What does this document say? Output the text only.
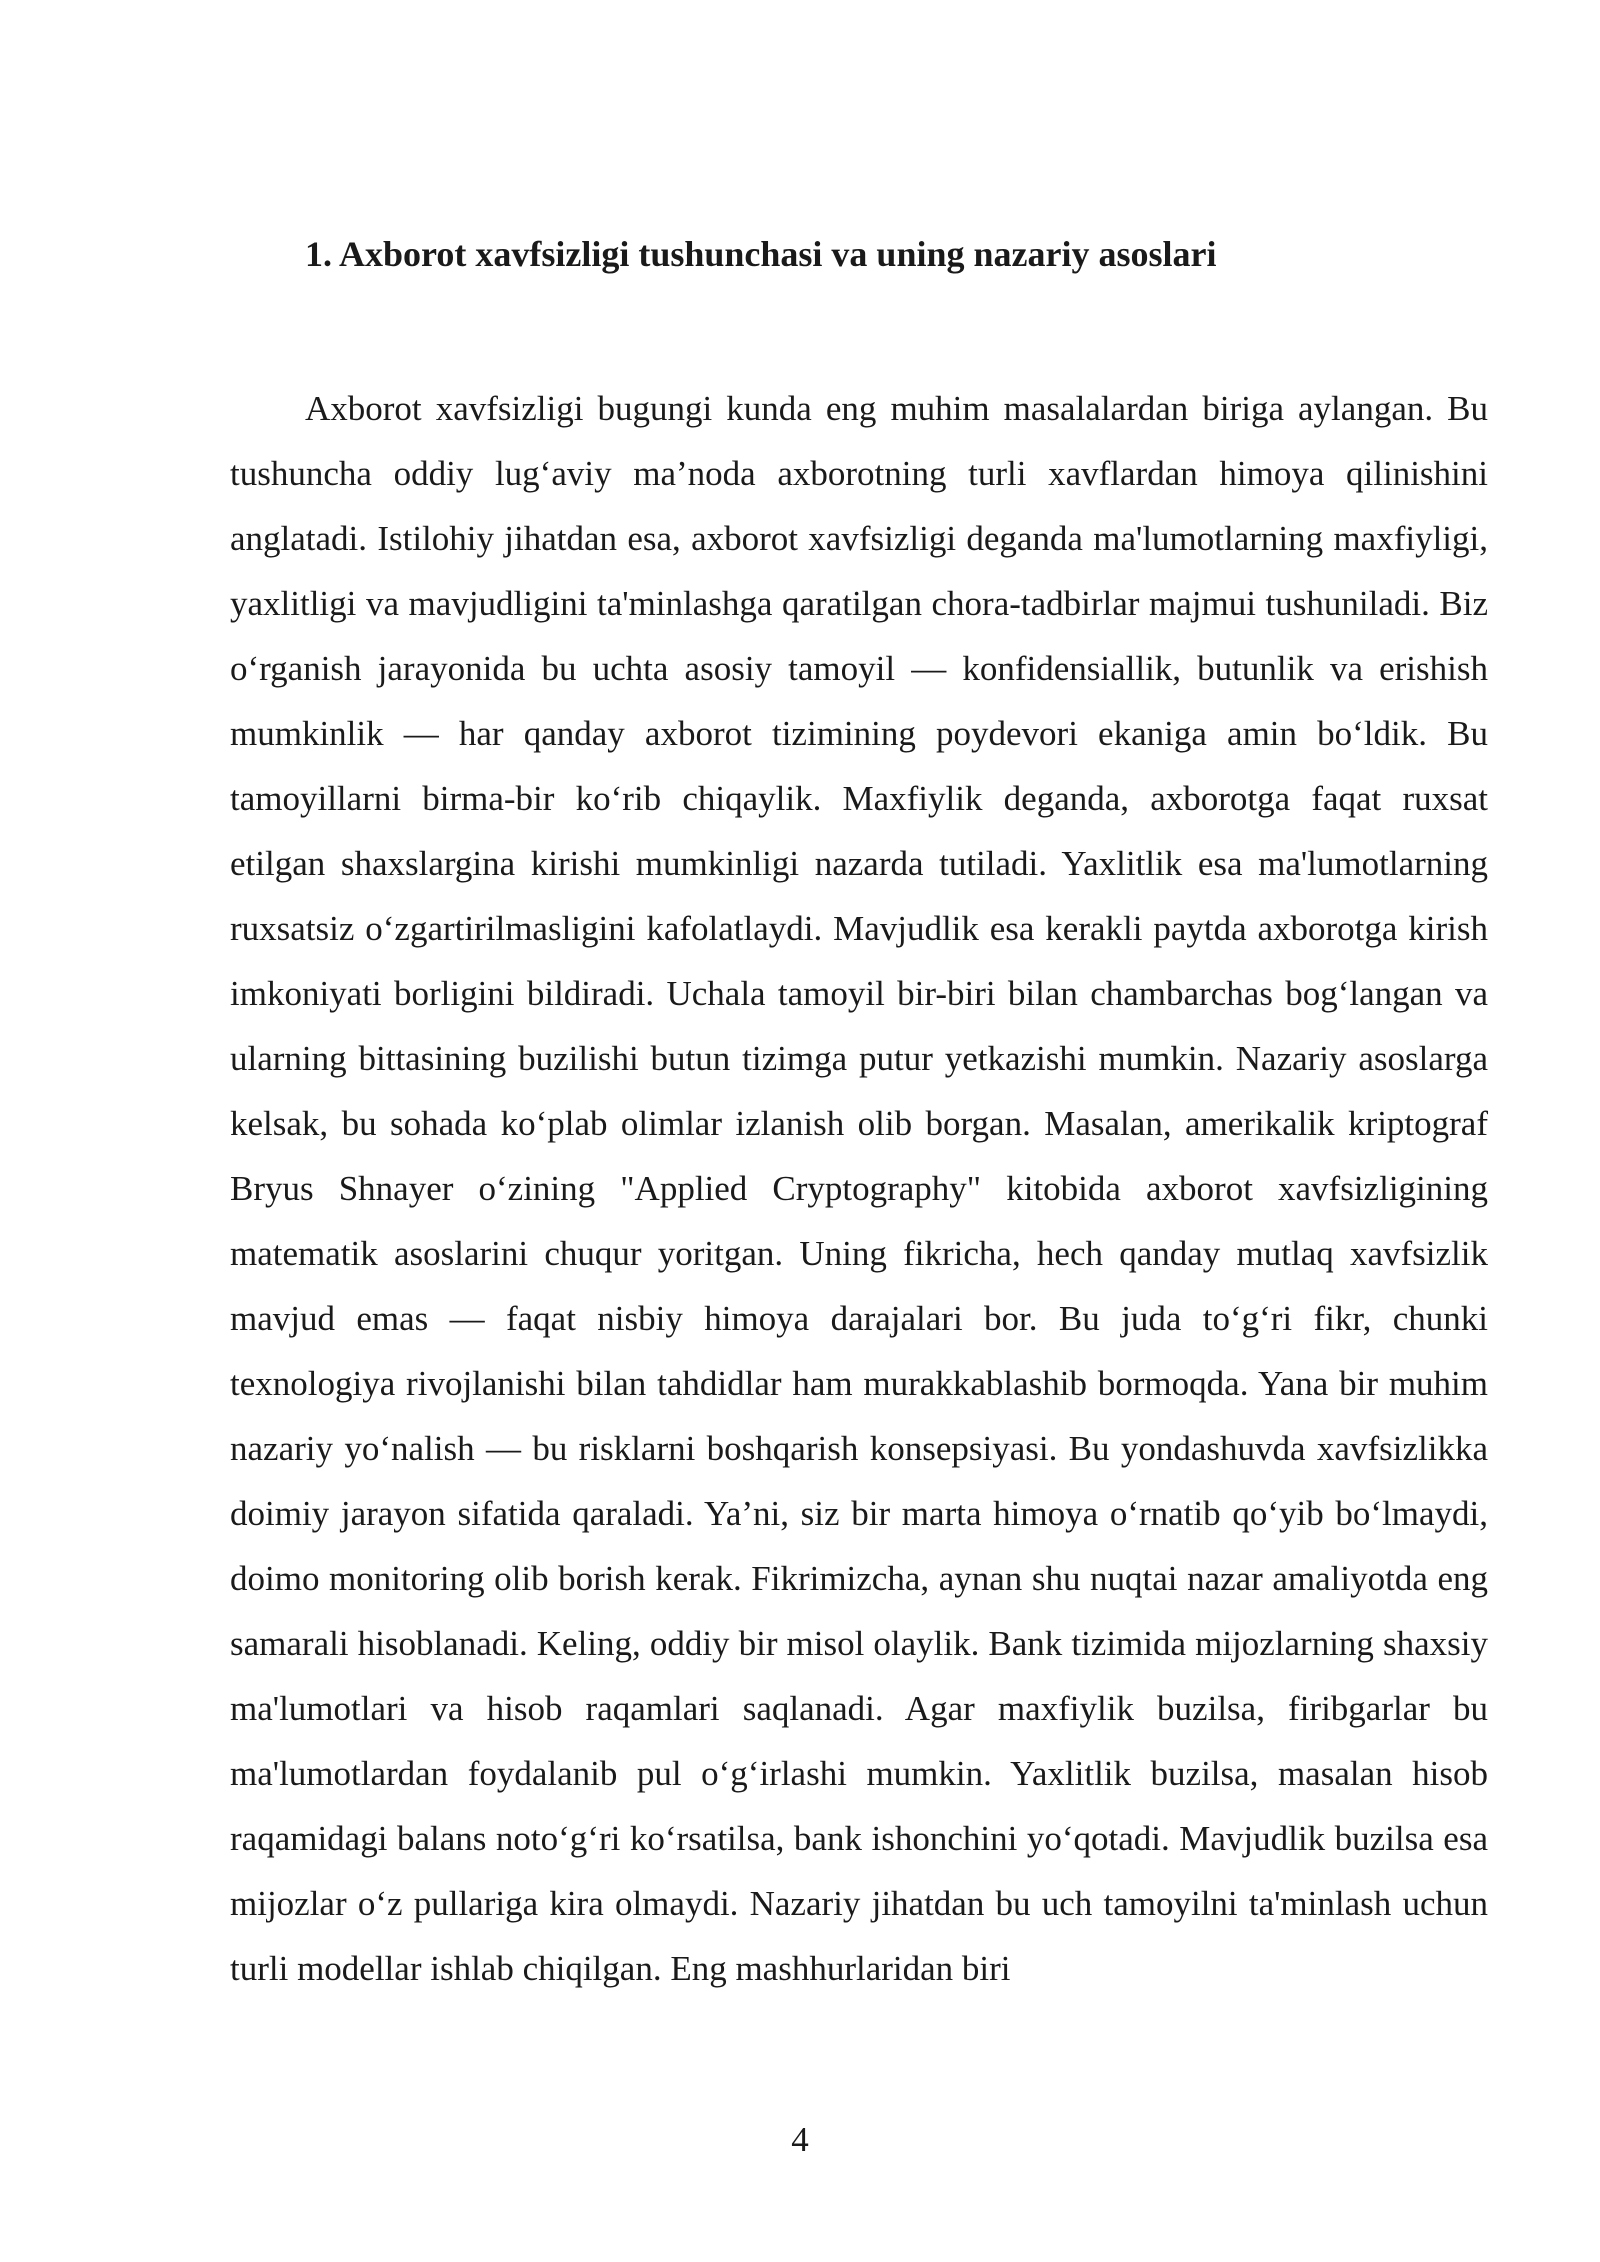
1. Axborot xavfsizligi tushunchasi va uning nazariy asoslari

Axborot xavfsizligi bugungi kunda eng muhim masalalardan biriga aylangan. Bu tushuncha oddiy lug‘aviy ma’noda axborotning turli xavflardan himoya qilinishini anglatadi. Istilohiy jihatdan esa, axborot xavfsizligi deganda ma'lumotlarning maxfiyligi, yaxlitligi va mavjudligini ta'minlashga qaratilgan chora-tadbirlar majmui tushuniladi. Biz o‘rganish jarayonida bu uchta asosiy tamoyil — konfidensiallik, butunlik va erishish mumkinlik — har qanday axborot tizimining poydevori ekaniga amin bo‘ldik. Bu tamoyillarni birma-bir ko‘rib chiqaylik. Maxfiylik deganda, axborotga faqat ruxsat etilgan shaxslargina kirishi mumkinligi nazarda tutiladi. Yaxlitlik esa ma'lumotlarning ruxsatsiz o‘zgartirilmasligini kafolatlaydi. Mavjudlik esa kerakli paytda axborotga kirish imkoniyati borligini bildiradi. Uchala tamoyil bir-biri bilan chambarchas bog‘langan va ularning bittasining buzilishi butun tizimga putur yetkazishi mumkin. Nazariy asoslarga kelsak, bu sohada ko‘plab olimlar izlanish olib borgan. Masalan, amerikalik kriptograf Bryus Shnayer o‘zining "Applied Cryptography" kitobida axborot xavfsizligining matematik asoslarini chuqur yoritgan. Uning fikricha, hech qanday mutlaq xavfsizlik mavjud emas — faqat nisbiy himoya darajalari bor. Bu juda to‘g‘ri fikr, chunki texnologiya rivojlanishi bilan tahdidlar ham murakkablashib bormoqda. Yana bir muhim nazariy yo‘nalish — bu risklarni boshqarish konsepsiyasi. Bu yondashuvda xavfsizlikka doimiy jarayon sifatida qaraladi. Ya’ni, siz bir marta himoya o‘rnatib qo‘yib bo‘lmaydi, doimo monitoring olib borish kerak. Fikrimizcha, aynan shu nuqtai nazar amaliyotda eng samarali hisoblanadi. Keling, oddiy bir misol olaylik. Bank tizimida mijozlarning shaxsiy ma'lumotlari va hisob raqamlari saqlanadi. Agar maxfiylik buzilsa, firibgarlar bu ma'lumotlardan foydalanib pul o‘g‘irlashi mumkin. Yaxlitlik buzilsa, masalan hisob raqamidagi balans noto‘g‘ri ko‘rsatilsa, bank ishonchini yo‘qotadi. Mavjudlik buzilsa esa mijozlar o‘z pullariga kira olmaydi. Nazariy jihatdan bu uch tamoyilni ta'minlash uchun turli modellar ishlab chiqilgan. Eng mashhurlaridan biri

4
